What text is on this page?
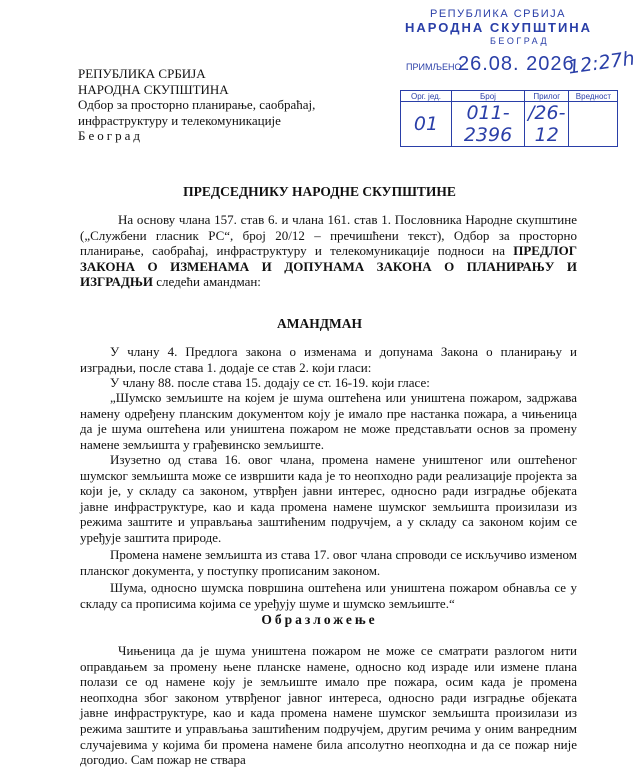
РЕПУБЛИКА СРБИЈА
НАРОДНА СКУПШТИНА
БЕОГРАД
ПРИМЉЕНО:
26.08. 2026
12:27h
Орг. јед.	Број	Прилог	Вредност
01	011-2396	/26-12	
РЕПУБЛИКА СРБИЈА
НАРОДНА СКУПШТИНА
Одбор за просторно планирање, саобраћај,
инфраструктуру и телекомуникације
Београд
ПРЕДСЕДНИКУ НАРОДНЕ СКУПШТИНЕ
На основу члана 157. став 6. и члана 161. став 1. Пословника Народне скупштине („Службени гласник РС“, број 20/12 – пречишћени текст), Одбор за просторно планирање, саобраћај, инфраструктуру и телекомуникације подноси на ПРЕДЛОГ ЗАКОНА О ИЗМЕНАМА И ДОПУНАМА ЗАКОНА О ПЛАНИРАЊУ И ИЗГРАДЊИ следећи амандман:
АМАНДМАН
У члану 4. Предлога закона о изменама и допунама Закона о планирању и изградњи, после става 1. додаје се став 2. који гласи:
У члану 88. после става 15. додају се ст. 16-19. који гласе:
„Шумско земљиште на којем је шума оштећена или уништена пожаром, задржава намену одређену планским документом коју је имало пре настанка пожара, а чињеница да је шума оштећена или уништена пожаром не може представљати основ за промену намене земљишта у грађевинско земљиште.
Изузетно од става 16. овог члана, промена намене уништеног или оштећеног шумског земљишта може се извршити када је то неопходно ради реализације пројекта за који је, у складу са законом, утврђен јавни интерес, односно ради изградње објеката јавне инфраструктуре, као и када промена намене шумског земљишта произилази из режима заштите и управљања заштићеним подручјем, а у складу са законом којим се уређује заштита природе.
Промена намене земљишта из става 17. овог члана спроводи се искључиво изменом планског документа, у поступку прописаним законом.
Шума, односно шумска површина оштећена или уништена пожаром обнавља се у складу са прописима којима се уређују шуме и шумско земљиште.“
Образложење
Чињеница да је шума уништена пожаром не може се сматрати разлогом нити оправдањем за промену њене планске намене, односно код израде или измене плана полази се од намене коју је земљиште имало пре пожара, осим када је промена неопходна због законом утврђеног јавног интереса, односно ради изградње објеката јавне инфраструктуре, као и када промена намене шумског земљишта произилази из режима заштите и управљања заштићеним подручјем, другим речима у оним ванредним случајевима у којима би промена намене била апсолутно неопходна и да се пожар није догодио. Сам пожар не ствара
